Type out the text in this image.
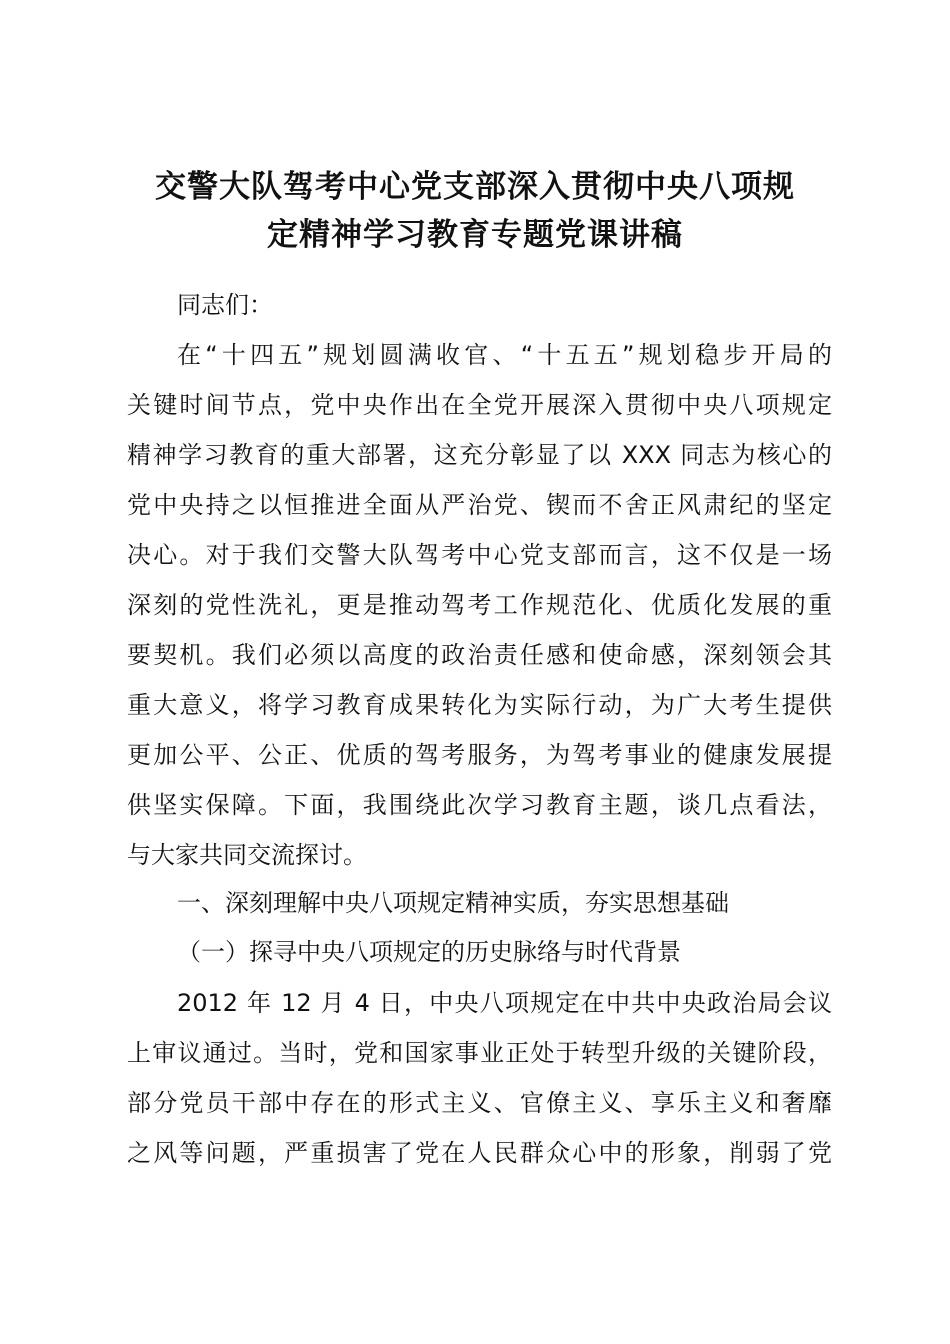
交警大队驾考中心党支部深入贯彻中央八项规
定精神学习教育专题党课讲稿

同志们：

在“十四五”规划圆满收官、“十五五”规划稳步开局的

关键时间节点，党中央作出在全党开展深入贯彻中央八项规定

精神学习教育的重大部署，这充分彰显了以 XXX 同志为核心的

党中央持之以恒推进全面从严治党、锲而不舍正风肃纪的坚定

决心。对于我们交警大队驾考中心党支部而言，这不仅是一场

深刻的党性洗礼，更是推动驾考工作规范化、优质化发展的重

要契机。我们必须以高度的政治责任感和使命感，深刻领会其

重大意义，将学习教育成果转化为实际行动，为广大考生提供

更加公平、公正、优质的驾考服务，为驾考事业的健康发展提

供坚实保障。下面，我围绕此次学习教育主题，谈几点看法，

与大家共同交流探讨。

一、深刻理解中央八项规定精神实质，夯实思想基础

（一）探寻中央八项规定的历史脉络与时代背景

2012 年 12 月 4 日，中央八项规定在中共中央政治局会议

上审议通过。当时，党和国家事业正处于转型升级的关键阶段，

部分党员干部中存在的形式主义、官僚主义、享乐主义和奢靡

之风等问题，严重损害了党在人民群众心中的形象，削弱了党
